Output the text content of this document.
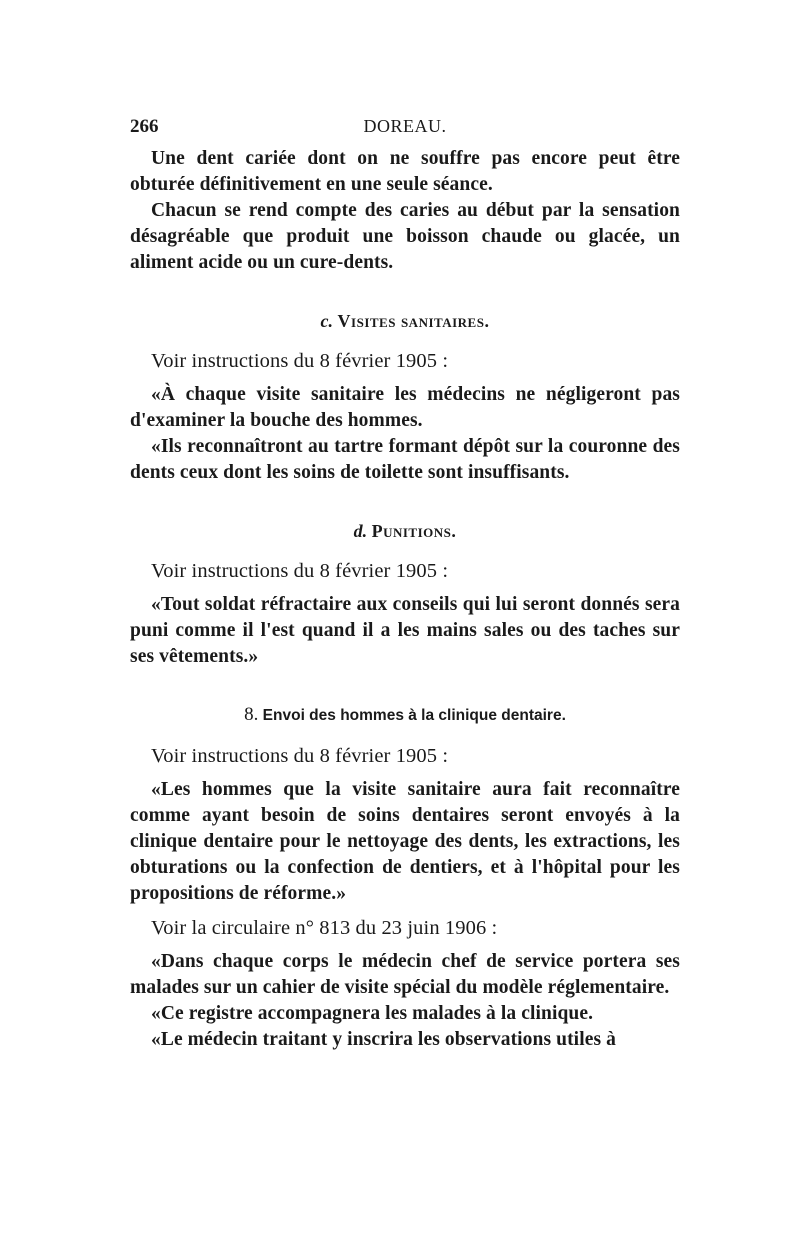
266	DOREAU.

Une dent cariée dont on ne souffre pas encore peut être obturée définitivement en une seule séance.

Chacun se rend compte des caries au début par la sensation désagréable que produit une boisson chaude ou glacée, un aliment acide ou un cure-dents.

c. Visites sanitaires.

Voir instructions du 8 février 1905 :

«À chaque visite sanitaire les médecins ne négligeront pas d'examiner la bouche des hommes.

«Ils reconnaîtront au tartre formant dépôt sur la couronne des dents ceux dont les soins de toilette sont insuffisants.

d. Punitions.

Voir instructions du 8 février 1905 :

«Tout soldat réfractaire aux conseils qui lui seront donnés sera puni comme il l'est quand il a les mains sales ou des taches sur ses vêtements.»

8. Envoi des hommes à la clinique dentaire.

Voir instructions du 8 février 1905 :

«Les hommes que la visite sanitaire aura fait reconnaître comme ayant besoin de soins dentaires seront envoyés à la clinique dentaire pour le nettoyage des dents, les extractions, les obturations ou la confection de dentiers, et à l'hôpital pour les propositions de réforme.»

Voir la circulaire n° 813 du 23 juin 1906 :

«Dans chaque corps le médecin chef de service portera ses malades sur un cahier de visite spécial du modèle réglementaire.

«Ce registre accompagnera les malades à la clinique.

«Le médecin traitant y inscrira les observations utiles à
